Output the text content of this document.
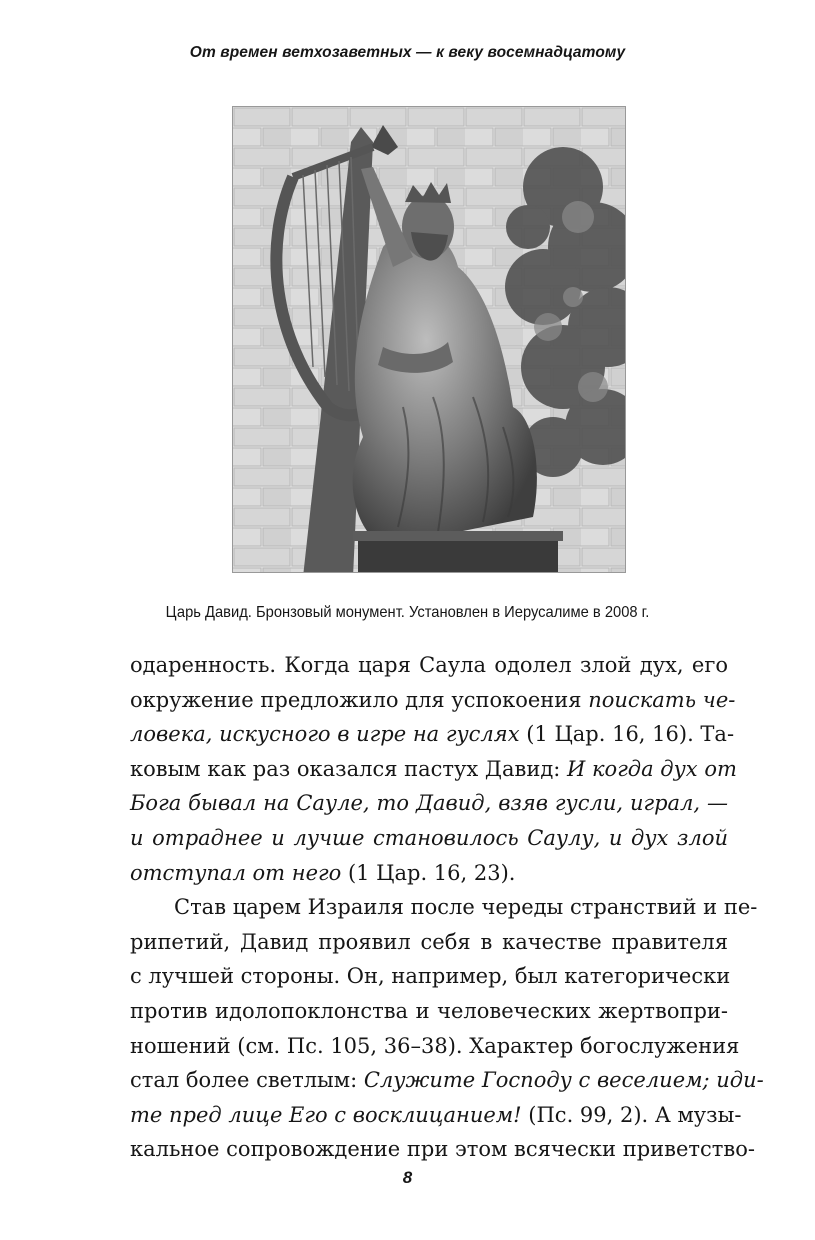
От времен ветхозаветных — к веку восемнадцатому
Царь Давид. Бронзовый монумент. Установлен в Иерусалиме в 2008 г.
одаренность. Когда царя Саула одолел злой дух, его
окружение предложило для успокоения поискать че-
ловека, искусного в игре на гуслях (1 Цар. 16, 16). Та-
ковым как раз оказался пастух Давид: И когда дух от
Бога бывал на Сауле, то Давид, взяв гусли, играл, —
и отраднее и лучше становилось Саулу, и дух злой
отступал от него (1 Цар. 16, 23).
Став царем Израиля после череды странствий и пе-
рипетий, Давид проявил себя в качестве правителя
с лучшей стороны. Он, например, был категорически
против идолопоклонства и человеческих жертвопри-
ношений (см. Пс. 105, 36–38). Характер богослужения
стал более светлым: Служите Господу с веселием; иди-
те пред лице Его с восклицанием! (Пс. 99, 2). А музы-
кальное сопровождение при этом всячески приветство-
8
